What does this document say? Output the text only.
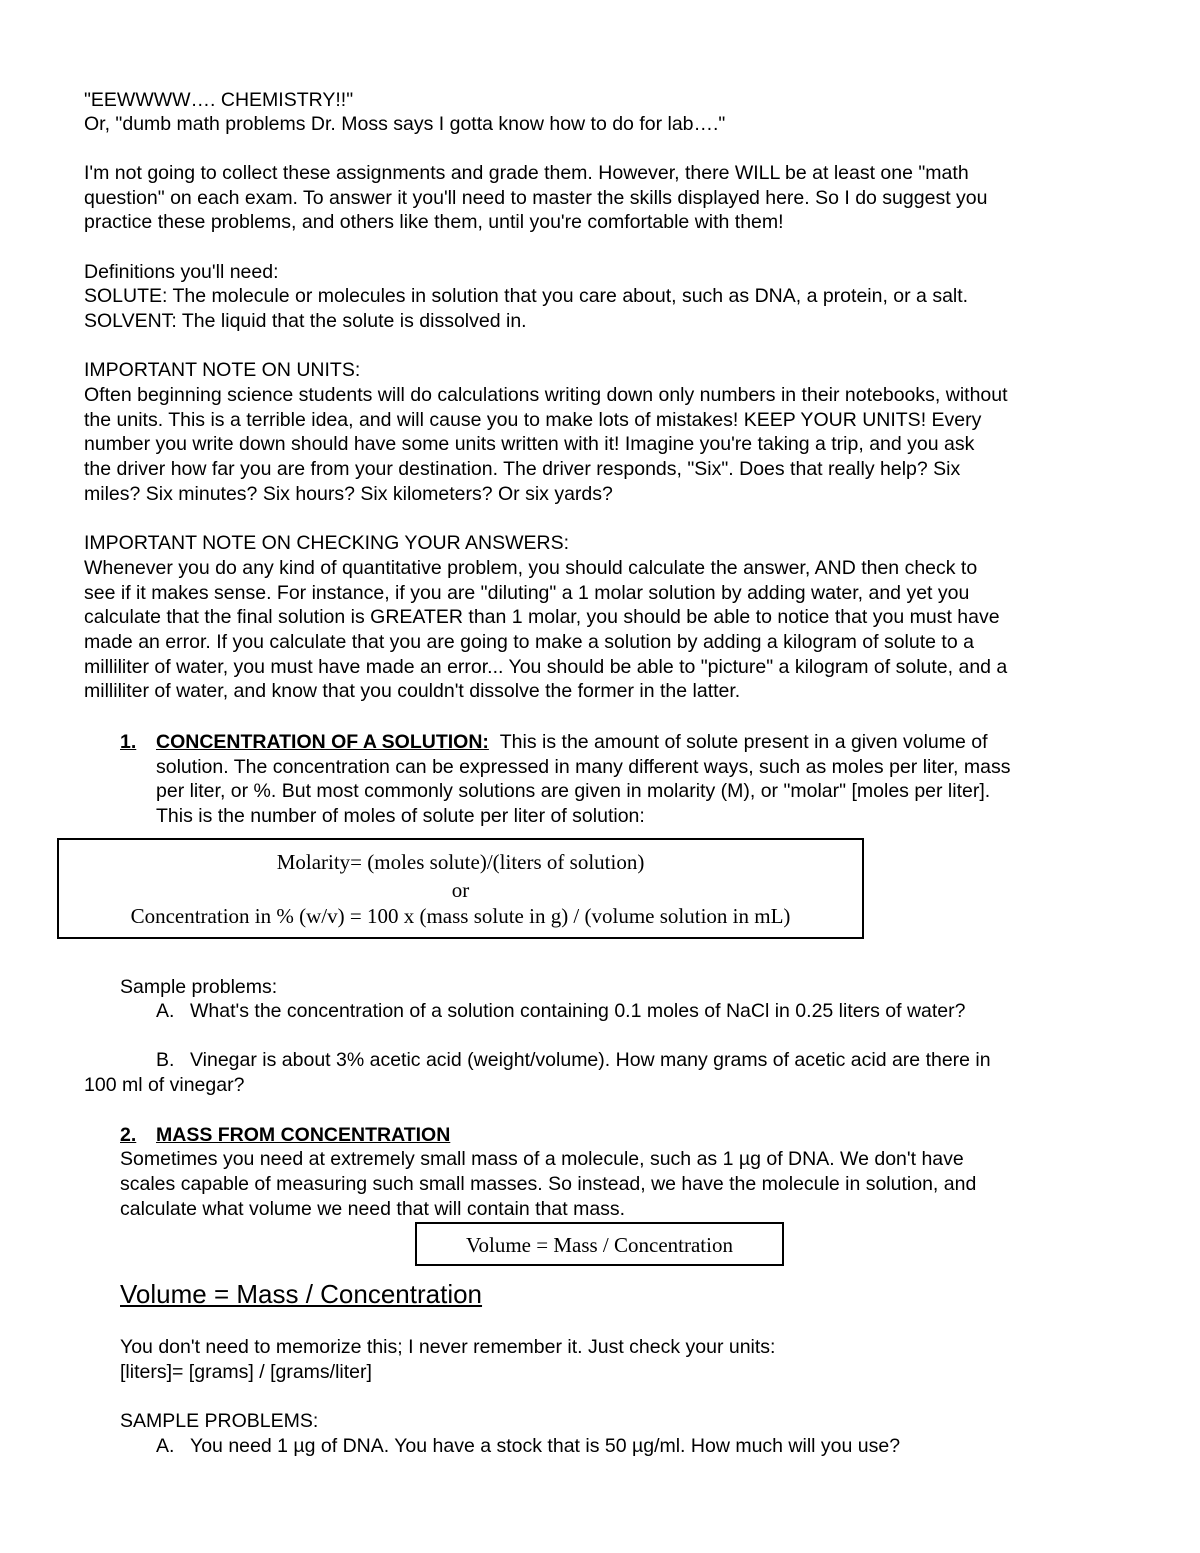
"EEWWWW…. CHEMISTRY!!"
Or, "dumb math problems Dr. Moss says I gotta know how to do for lab…."
I'm not going to collect these assignments and grade them. However, there WILL be at least one "math
question" on each exam. To answer it you'll need to master the skills displayed here. So I do suggest you
practice these problems, and others like them, until you're comfortable with them!
Definitions you'll need:
SOLUTE: The molecule or molecules in solution that you care about, such as DNA, a protein, or a salt.
SOLVENT: The liquid that the solute is dissolved in.
IMPORTANT NOTE ON UNITS:
Often beginning science students will do calculations writing down only numbers in their notebooks, without
the units. This is a terrible idea, and will cause you to make lots of mistakes! KEEP YOUR UNITS! Every
number you write down should have some units written with it! Imagine you're taking a trip, and you ask
the driver how far you are from your destination. The driver responds, "Six". Does that really help? Six
miles? Six minutes? Six hours? Six kilometers? Or six yards?
IMPORTANT NOTE ON CHECKING YOUR ANSWERS:
Whenever you do any kind of quantitative problem, you should calculate the answer, AND then check to
see if it makes sense. For instance, if you are "diluting" a 1 molar solution by adding water, and yet you
calculate that the final solution is GREATER than 1 molar, you should be able to notice that you must have
made an error. If you calculate that you are going to make a solution by adding a kilogram of solute to a
milliliter of water, you must have made an error... You should be able to "picture" a kilogram of solute, and a
milliliter of water, and know that you couldn't dissolve the former in the latter.
1. CONCENTRATION OF A SOLUTION: This is the amount of solute present in a given volume of
solution. The concentration can be expressed in many different ways, such as moles per liter, mass
per liter, or %. But most commonly solutions are given in molarity (M), or "molar" [moles per liter].
This is the number of moles of solute per liter of solution:
Molarity= (moles solute)/(liters of solution)
or
Concentration in % (w/v) = 100 x (mass solute in g) / (volume solution in mL)
Sample problems:
A. What's the concentration of a solution containing 0.1 moles of NaCl in 0.25 liters of water?
B. Vinegar is about 3% acetic acid (weight/volume). How many grams of acetic acid are there in
100 ml of vinegar?
2. MASS FROM CONCENTRATION
Sometimes you need at extremely small mass of a molecule, such as 1 µg of DNA. We don't have
scales capable of measuring such small masses. So instead, we have the molecule in solution, and
calculate what volume we need that will contain that mass.
Volume = Mass / Concentration
Volume = Mass / Concentration
You don't need to memorize this; I never remember it. Just check your units:
[liters]= [grams] / [grams/liter]
SAMPLE PROBLEMS:
A. You need 1 µg of DNA. You have a stock that is 50 µg/ml. How much will you use?
